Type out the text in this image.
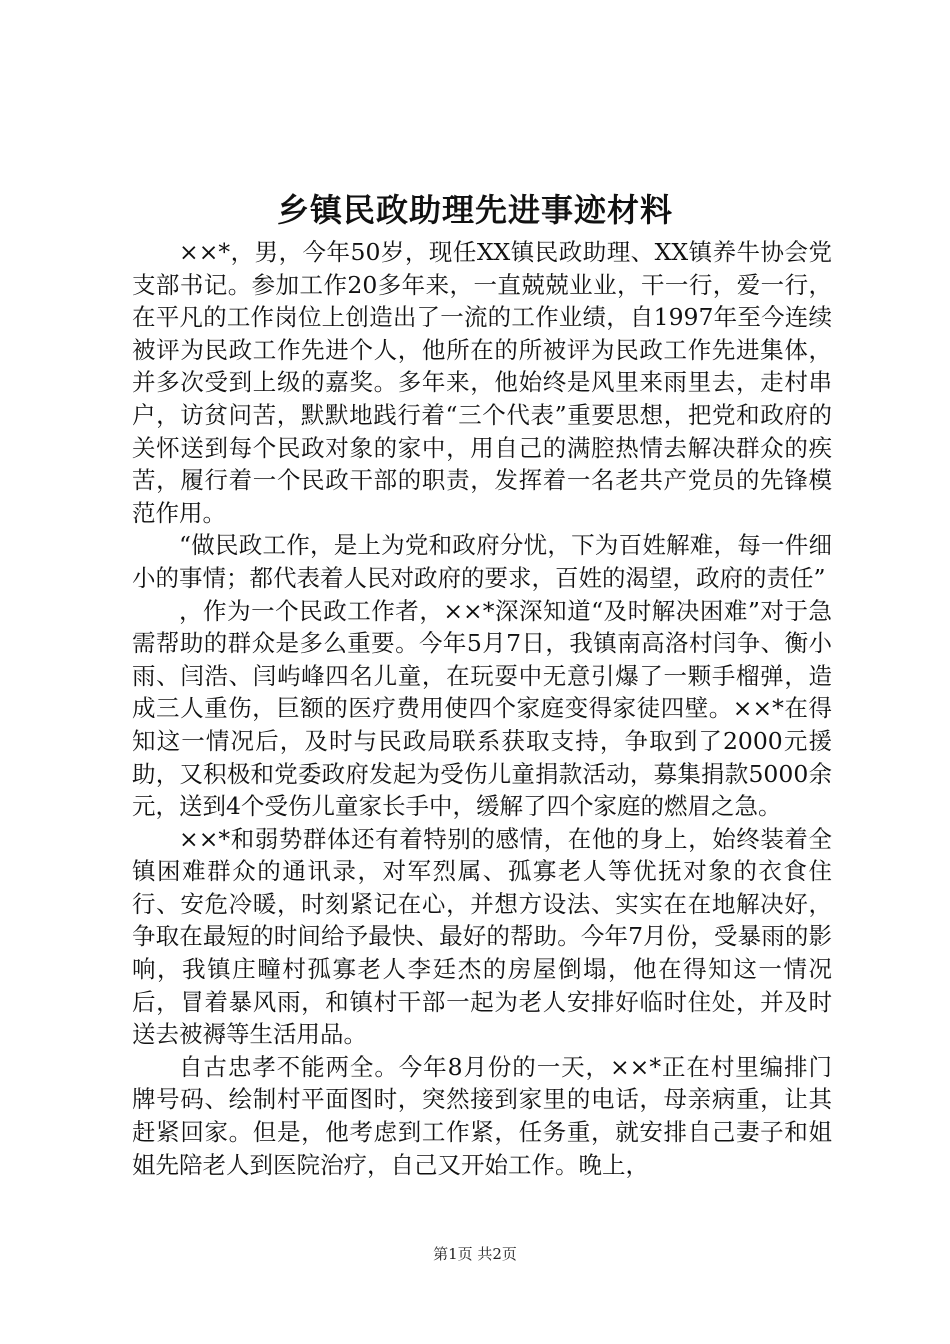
乡镇民政助理先进事迹材料

××*，男，今年50岁，现任XX镇民政助理、XX镇养牛协会党支部书记。参加工作20多年来，一直兢兢业业，干一行，爱一行，在平凡的工作岗位上创造出了一流的工作业绩，自1997年至今连续被评为民政工作先进个人，他所在的所被评为民政工作先进集体，并多次受到上级的嘉奖。多年来，他始终是风里来雨里去，走村串户，访贫问苦，默默地践行着“三个代表”重要思想，把党和政府的关怀送到每个民政对象的家中，用自己的满腔热情去解决群众的疾苦，履行着一个民政干部的职责，发挥着一名老共产党员的先锋模范作用。

“做民政工作，是上为党和政府分忧，下为百姓解难，每一件细小的事情；都代表着人民对政府的要求，百姓的渴望，政府的责任”

，作为一个民政工作者，××*深深知道“及时解决困难”对于急需帮助的群众是多么重要。今年5月7日，我镇南高洛村闫争、衡小雨、闫浩、闫屿峰四名儿童，在玩耍中无意引爆了一颗手榴弹，造成三人重伤，巨额的医疗费用使四个家庭变得家徒四壁。××*在得知这一情况后，及时与民政局联系获取支持，争取到了2000元援助，又积极和党委政府发起为受伤儿童捐款活动，募集捐款5000余元，送到4个受伤儿童家长手中，缓解了四个家庭的燃眉之急。

××*和弱势群体还有着特别的感情，在他的身上，始终装着全镇困难群众的通讯录，对军烈属、孤寡老人等优抚对象的衣食住行、安危冷暖，时刻紧记在心，并想方设法、实实在在地解决好，争取在最短的时间给予最快、最好的帮助。今年7月份，受暴雨的影响，我镇庄疃村孤寡老人李廷杰的房屋倒塌，他在得知这一情况后，冒着暴风雨，和镇村干部一起为老人安排好临时住处，并及时送去被褥等生活用品。

自古忠孝不能两全。今年8月份的一天，××*正在村里编排门牌号码、绘制村平面图时，突然接到家里的电话，母亲病重，让其赶紧回家。但是，他考虑到工作紧，任务重，就安排自己妻子和姐姐先陪老人到医院治疗，自己又开始工作。晚上，

第1页 共2页
